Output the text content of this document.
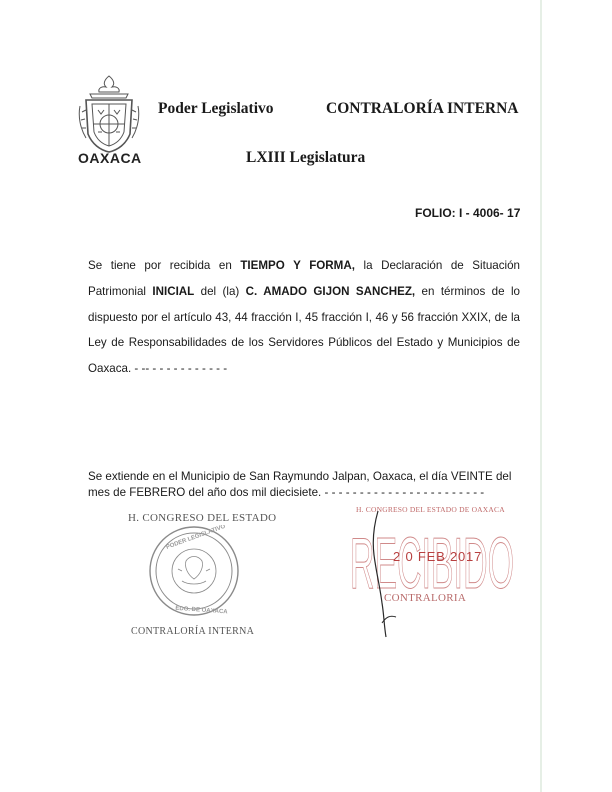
OAXACA
Poder Legislativo	CONTRALORÍA INTERNA
LXIII Legislatura
FOLIO: I - 4006- 17
Se tiene por recibida en TIEMPO Y FORMA, la Declaración de Situación Patrimonial INICIAL del (la) C. AMADO GIJON SANCHEZ, en términos de lo dispuesto por el artículo 43, 44 fracción I, 45 fracción I, 46 y 56 fracción XXIX, de la Ley de Responsabilidades de los Servidores Públicos del Estado y Municipios de Oaxaca. - -- - - - - - - - - - - -
Se extiende en el Municipio de San Raymundo Jalpan, Oaxaca, el día VEINTE del mes de FEBRERO del año dos mil diecisiete. - - - - - - - - - - - - - - - - - - - - - - -
H. CONGRESO DEL ESTADO
PODER LEGISLATIVO
EDO. DE OAXACA
CONTRALORÍA INTERNA
H. CONGRESO DEL ESTADO DE OAXACA
RECIBIDO
2 0 FEB 2017
CONTRALORIA
